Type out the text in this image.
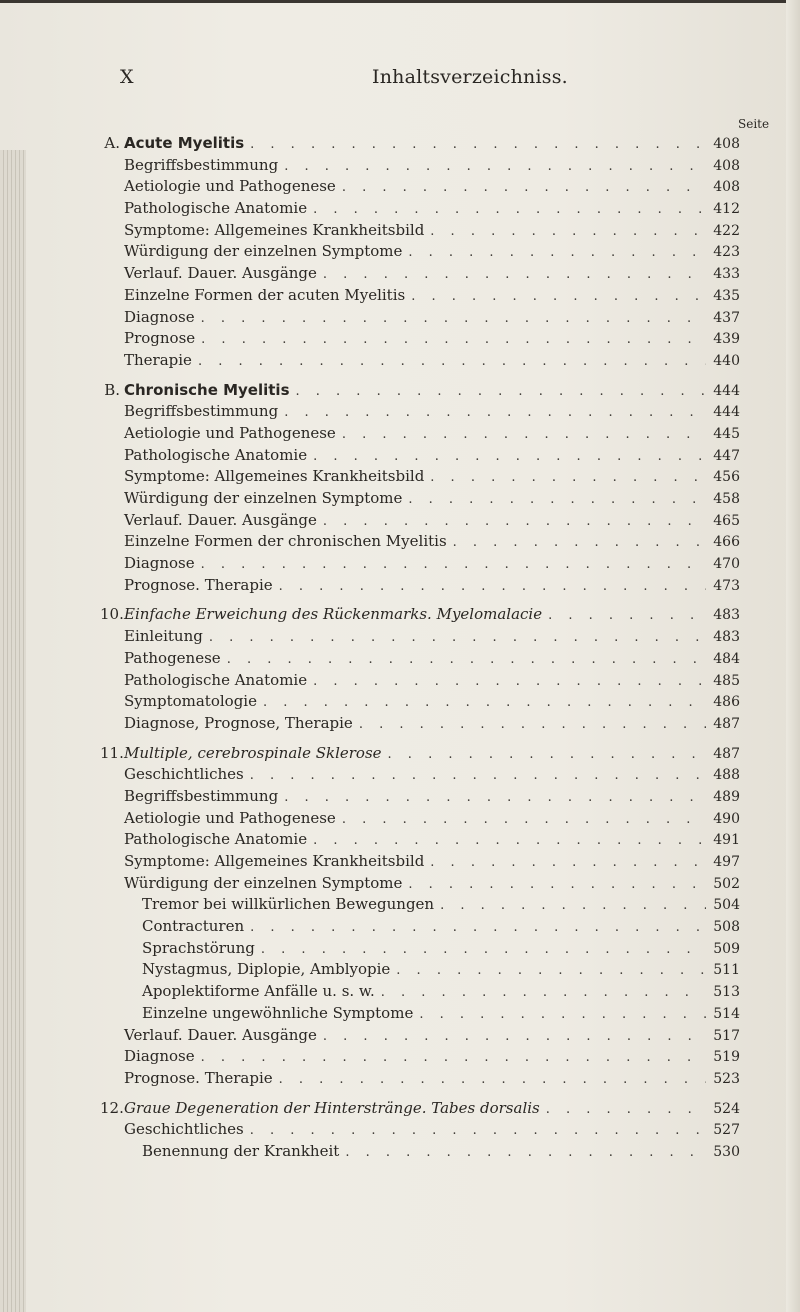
X	Inhaltsverzeichniss.
Seite
A. Acute Myelitis . . .	408
Begriffsbestimmung . . .	408
Aetiologie und Pathogenese . . .	408
Pathologische Anatomie . . .	412
Symptome: Allgemeines Krankheitsbild . . .	422
Würdigung der einzelnen Symptome . . .	423
Verlauf. Dauer. Ausgänge . . .	433
Einzelne Formen der acuten Myelitis . . .	435
Diagnose . . .	437
Prognose . . .	439
Therapie . . .	440
B. Chronische Myelitis . . .	444
Begriffsbestimmung . . .	444
Aetiologie und Pathogenese . . .	445
Pathologische Anatomie . . .	447
Symptome: Allgemeines Krankheitsbild . . .	456
Würdigung der einzelnen Symptome . . .	458
Verlauf. Dauer. Ausgänge . . .	465
Einzelne Formen der chronischen Myelitis . . .	466
Diagnose . . .	470
Prognose. Therapie . . .	473
10. Einfache Erweichung des Rückenmarks. Myelomalacie . . .	483
Einleitung . . .	483
Pathogenese . . .	484
Pathologische Anatomie . . .	485
Symptomatologie . . .	486
Diagnose, Prognose, Therapie . . .	487
11. Multiple, cerebrospinale Sklerose . . .	487
Geschichtliches . . .	488
Begriffsbestimmung . . .	489
Aetiologie und Pathogenese . . .	490
Pathologische Anatomie . . .	491
Symptome: Allgemeines Krankheitsbild . . .	497
Würdigung der einzelnen Symptome . . .	502
Tremor bei willkürlichen Bewegungen . . .	504
Contracturen . . .	508
Sprachstörung . . .	509
Nystagmus, Diplopie, Amblyopie . . .	511
Apoplektiforme Anfälle u. s. w. . . .	513
Einzelne ungewöhnliche Symptome . . .	514
Verlauf. Dauer. Ausgänge . . .	517
Diagnose . . .	519
Prognose. Therapie . . .	523
12. Graue Degeneration der Hinterstränge. Tabes dorsalis . . .	524
Geschichtliches . . .	527
Benennung der Krankheit . . .	530
